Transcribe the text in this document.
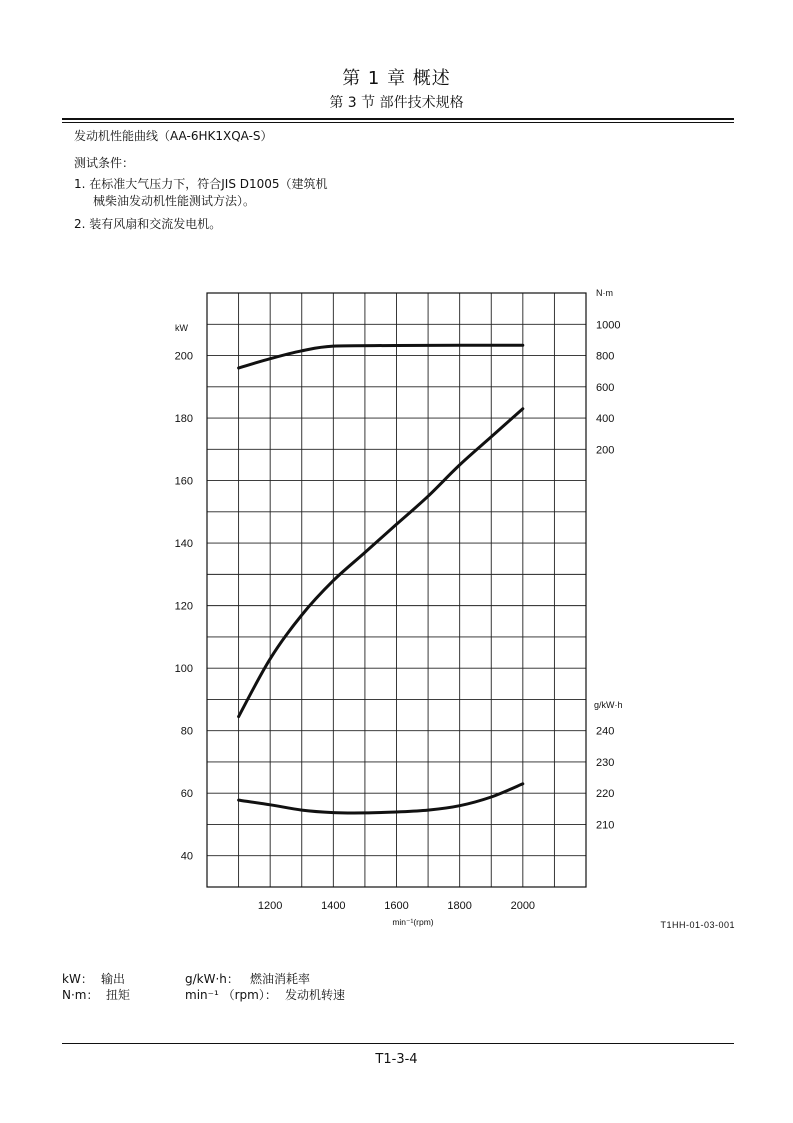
第 1 章 概述
第 3 节 部件技术规格
发动机性能曲线（AA-6HK1XQA-S）
测试条件：
1. 在标准大气压力下，符合JIS D1005（建筑机
械柴油发动机性能测试方法）。
2. 装有风扇和交流发电机。
kW
40
60
80
100
120
140
160
180
200
N·m
200
400
600
800
1000
g/kW·h
210
220
230
240
1200	1400	1600	1800	2000
min⁻¹(rpm)	T1HH-01-03-001
kW： 输出
N·m： 扭矩
g/kW·h： 燃油消耗率
min⁻¹ （rpm）： 发动机转速
T1-3-4
